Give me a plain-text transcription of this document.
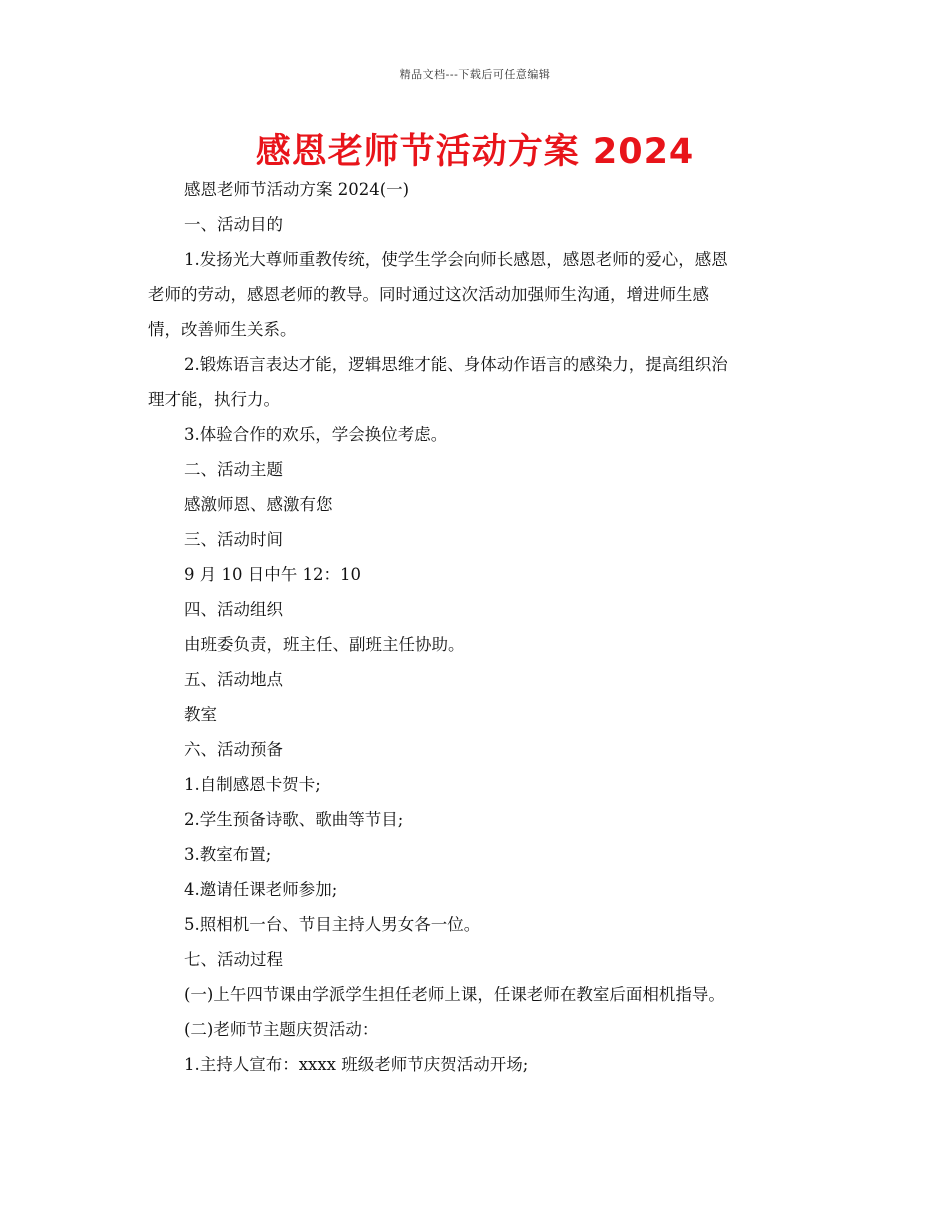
精品文档---下载后可任意编辑
感恩老师节活动方案 2024
感恩老师节活动方案 2024(一)
一、活动目的
1.发扬光大尊师重教传统，使学生学会向师长感恩，感恩老师的爱心，感恩
老师的劳动，感恩老师的教导。同时通过这次活动加强师生沟通，增进师生感
情，改善师生关系。
2.锻炼语言表达才能，逻辑思维才能、身体动作语言的感染力，提高组织治
理才能，执行力。
3.体验合作的欢乐，学会换位考虑。
二、活动主题
感激师恩、感激有您
三、活动时间
9 月 10 日中午 12：10
四、活动组织
由班委负责，班主任、副班主任协助。
五、活动地点
教室
六、活动预备
1.自制感恩卡贺卡;
2.学生预备诗歌、歌曲等节目;
3.教室布置;
4.邀请任课老师参加;
5.照相机一台、节目主持人男女各一位。
七、活动过程
(一)上午四节课由学派学生担任老师上课，任课老师在教室后面相机指导。
(二)老师节主题庆贺活动：
1.主持人宣布：xxxx 班级老师节庆贺活动开场;
